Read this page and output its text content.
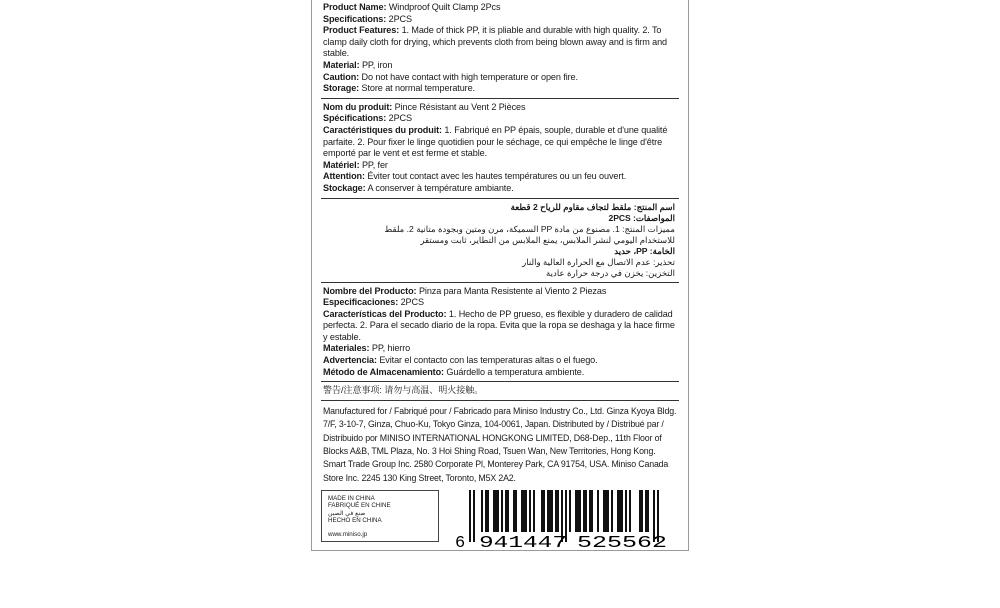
Product Name: Windproof Quilt Clamp 2Pcs

Specifications: 2PCS

Product Features: 1. Made of thick PP, it is pliable and durable with high quality. 2. To clamp daily cloth for drying, which prevents cloth from being blown away and is firm and stable.

Material: PP, iron

Caution: Do not have contact with high temperature or open fire.

Storage: Store at normal temperature.

Nom du produit: Pince Résistant au Vent 2 Pièces

Spécifications: 2PCS

Caractéristiques du produit: 1. Fabriqué en PP épais, souple, durable et d'une qualité parfaite. 2. Pour fixer le linge quotidien pour le séchage, ce qui empêche le linge d'être emporté par le vent et est ferme et stable.

Matériel: PP, fer

Attention: Éviter tout contact avec les hautes températures ou un feu ouvert.

Stockage: A conserver à température ambiante.

اسم المنتج: ملقط لتجاف مقاوم للرياح 2 قطعة

المواصفات: 2PCS

مميزات المنتج: 1. مصنوع من مادة PP السميكة، مرن ومتين وبجودة متانية 2. ملقط

للاستخدام اليومي لنشر الملابس، يمنع الملابس من التطاير، ثابت ومستقر

الخامة: PP، حديد

تحذير: عدم الاتصال مع الحرارة العالية والنار

التخزين: يخزن في درجة حرارة عادية

Nombre del Producto: Pinza para Manta Resistente al Viento 2 Piezas

Especificaciones: 2PCS

Características del Producto: 1. Hecho de PP grueso, es flexible y duradero de calidad perfecta. 2. Para el secado diario de la ropa. Evita que la ropa se deshaga y la hace firme y estable.

Materiales: PP, hierro

Advertencia: Evitar el contacto con las temperaturas altas o el fuego.

Método de Almacenamiento: Guárdello a temperatura ambiente.

警告/注意事项: 请勿与高温、明火接触。

Manufactured for / Fabriqué pour / Fabricado para Miniso Industry Co., Ltd. Ginza Kyoya Bldg. 7/F, 3-10-7, Ginza, Chuo-Ku, Tokyo Ginza, 104-0061, Japan. Distributed by / Distribué par / Distribuido por MINISO INTERNATIONAL HONGKONG LIMITED, D68-Dep., 11th Floor of Blocks A&B, TML Plaza, No. 3 Hoi Shing Road, Tsuen Wan, New Territories, Hong Kong. Smart Trade Group Inc. 2580 Corporate Pl, Monterey Park, CA 91754, USA. Miniso Canada Store Inc. 2245 130 King Street, Toronto, M5X 2A2.

MADE IN CHINA

FABRIQUÉ EN CHINE

صنع في الصين

HECHO EN CHINA

www.miniso.jp	6 941447 525562
